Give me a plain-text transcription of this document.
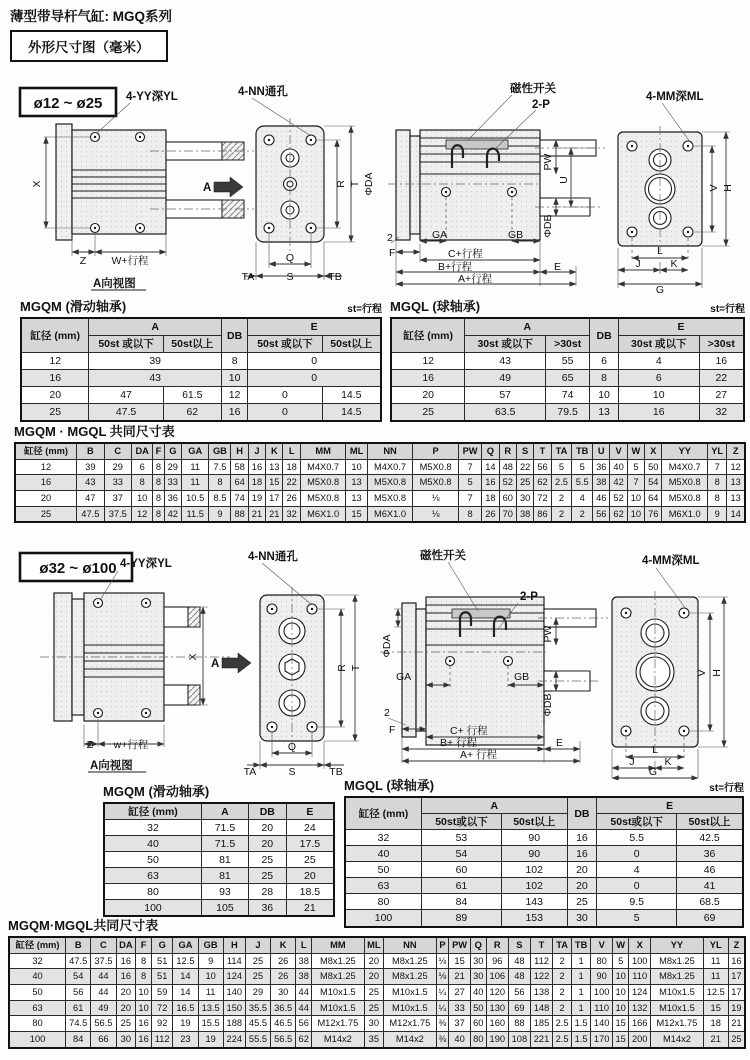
薄型带导杆气缸: MGQ系列
外形尺寸图（毫米）
ø12 ~ ø25 4-YY深YL	4-NN通孔	磁性开关
2-P
4-MM深ML
A
A向视图
X
Z W+行程
R T ΦDA
TA
Q
S	TB
PW
U
ΦDB
2
F
GA	GB
C+行程
B+行程	E
A+行程
V H
L
J	K
G
MGQM (滑动轴承)	st=行程
缸径 (mm)	A		DB	E	
	50st 或以下	50st以上		50st 或以下	50st以上
12	39		8	0	
16	43		10	0	
20	47	61.5	12	0	14.5
25	47.5	62	16	0	14.5
MGQL (球轴承)	st=行程
缸径 (mm)	A		DB	E	
	30st 或以下	>30st		30st 或以下	>30st
12	43	55	6	4	16
16	49	65	8	6	22
20	57	74	10	10	27
25	63.5	79.5	13	16	32
MGQM · MGQL 共同尺寸表
缸径 (mm)	B	C	DA	F	G	GA	GB	H	J	K	L	MM	ML	NN	P	PW	Q	R	S	T	TA	TB	U	V	W	X	YY	YL	Z
12	39	29	6	8	29	11	7.5	58	16	13	18	M4X0.7	10	M4X0.7	M5X0.8	7	14	48	22	56	5	5	36	40	5	50	M4X0.7	7	12
16	43	33	8	8	33	11	8	64	18	15	22	M5X0.8	13	M5X0.8	M5X0.8	5	16	52	25	62	2.5	5.5	38	42	7	54	M5X0.8	8	13
20	47	37	10	8	36	10.5	8.5	74	19	17	26	M5X0.8	13	M5X0.8	⅛	7	18	60	30	72	2	4	46	52	10	64	M5X0.8	8	13
25	47.5	37.5	12	8	42	11.5	9	88	21	21	32	M6X1.0	15	M6X1.0	⅛	8	26	70	38	86	2	2	56	62	10	76	M6X1.0	9	14
ø32 ~ ø100 4-YY深YL
4-NN通孔	磁性开关
2-P
4-MM深ML
A
A向视图
X
Z w+行程
R T
ΦDA
TA
Q
S	TB
PW
ΦDB
2
F
GA	GB
C+ 行程
B+ 行程	E
A+ 行程
V H
L
J	K
G
MGQM (滑动轴承)
缸径 (mm)	A	DB	E
32	71.5	20	24
40	71.5	20	17.5
50	81	25	25
63	81	25	20
80	93	28	18.5
100	105	36	21
MGQL (球轴承)	st=行程
缸径 (mm)	A		DB	E	
	50st或以下	50st以上		50st或以下	50st以上
32	53	90	16	5.5	42.5
40	54	90	16	0	36
50	60	102	20	4	46
63	61	102	20	0	41
80	84	143	25	9.5	68.5
100	89	153	30	5	69
MGQM·MGQL共同尺寸表
缸径 (mm)	B	C	DA	F	G	GA	GB	H	J	K	L	MM	ML	NN	P	PW	Q	R	S	T	TA	TB	V	W	X	YY	YL	Z
32	47.5	37.5	16	8	51	12.5	9	114	25	26	38	M8x1.25	20	M8x1.25	⅛	15	30	96	48	112	2	1	80	5	100	M8x1.25	11	16
40	54	44	16	8	51	14	10	124	25	26	38	M8x1.25	20	M8x1.25	⅛	21	30	106	48	122	2	1	90	10	110	M8x1.25	11	17
50	56	44	20	10	59	14	11	140	29	30	44	M10x1.5	25	M10x1.5	¼	27	40	120	56	138	2	1	100	10	124	M10x1.5	12.5	17
63	61	49	20	10	72	16.5	13.5	150	35.5	36.5	44	M10x1.5	25	M10x1.5	¼	33	50	130	69	148	2	1	110	10	132	M10x1.5	15	19
80	74.5	56.5	25	16	92	19	15.5	188	45.5	46.5	56	M12x1.75	30	M12x1.75	⅜	37	60	160	88	185	2.5	1.5	140	15	166	M12x1.75	18	21
100	84	66	30	16	112	23	19	224	55.5	56.5	62	M14x2	35	M14x2	⅜	40	80	190	108	221	2.5	1.5	170	15	200	M14x2	21	25
